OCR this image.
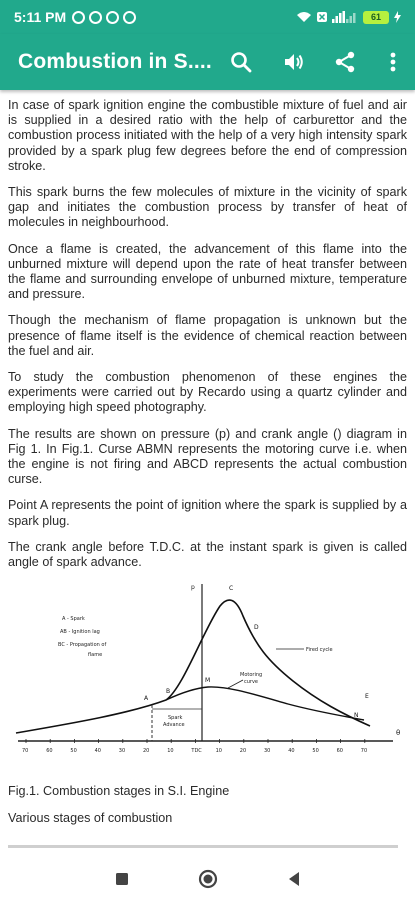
5:11 PM	61
Combustion in S....

In case of spark ignition engine the combustible mixture of fuel and air is supplied in a desired ratio with the help of carburettor and the combustion process initiated with the help of a very high intensity spark provided by a spark plug few degrees before the end of compression stroke.

This spark burns the few molecules of mixture in the vicinity of spark gap and initiates the combustion process by transfer of heat of molecules in neighbourhood.

Once a flame is created, the advancement of this flame into the unburned mixture will depend upon the rate of heat transfer between the flame and surrounding envelope of unburned mixture, temperature and pressure.

Though the mechanism of flame propagation is unknown but the presence of flame itself is the evidence of chemical reaction between the fuel and air.

To study the combustion phenomenon of these engines the experiments were carried out by Recardo using a quartz cylinder and employing high speed photography.

The results are shown on pressure (p) and crank angle () diagram in Fig 1. In Fig.1. Curse ABMN represents the motoring curve i.e. when the engine is not firing and ABCD represents the actual combustion curse.

Point A represents the point of ignition where the spark is supplied by a spark plug.

The crank angle before T.D.C. at the instant spark is given is called angle of spark advance.

p
θ
A
B
C
D
E
M
N
A - Spark
AB - Ignition lag
BC - Propagation of
flame
Fired cycle
Motoring
curve
Spark
Advance
70	60	50	40	30	20	10	TDC	10	20	30	40	50	60	70
Fig.1. Combustion stages in S.I. Engine
Various stages of combustion
